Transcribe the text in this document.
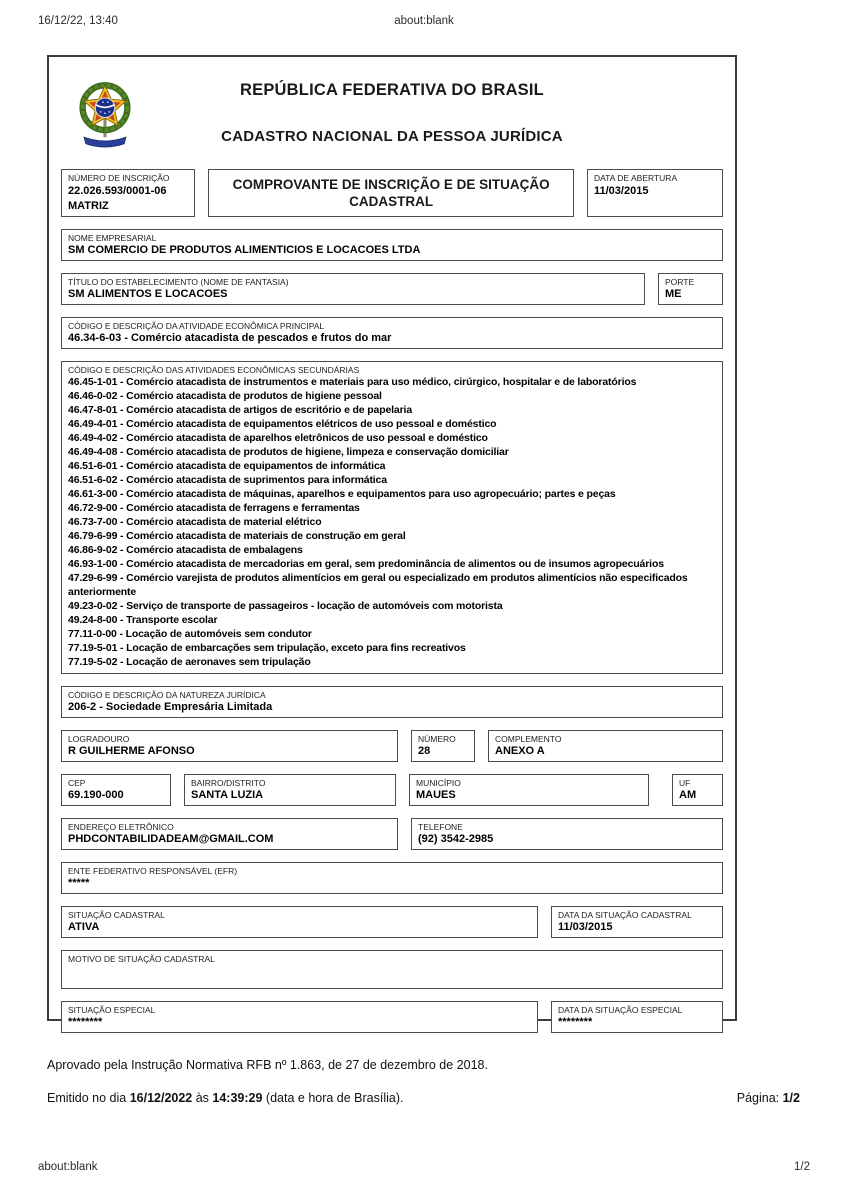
16/12/22, 13:40	about:blank
REPÚBLICA FEDERATIVA DO BRASIL
CADASTRO NACIONAL DA PESSOA JURÍDICA
NÚMERO DE INSCRIÇÃO
22.026.593/0001-06
MATRIZ
COMPROVANTE DE INSCRIÇÃO E DE SITUAÇÃO CADASTRAL
DATA DE ABERTURA
11/03/2015
NOME EMPRESARIAL
SM COMERCIO DE PRODUTOS ALIMENTICIOS E LOCACOES LTDA
TÍTULO DO ESTABELECIMENTO (NOME DE FANTASIA)
SM ALIMENTOS E LOCACOES
PORTE
ME
CÓDIGO E DESCRIÇÃO DA ATIVIDADE ECONÔMICA PRINCIPAL
46.34-6-03 - Comércio atacadista de pescados e frutos do mar
CÓDIGO E DESCRIÇÃO DAS ATIVIDADES ECONÔMICAS SECUNDÁRIAS
46.45-1-01 - Comércio atacadista de instrumentos e materiais para uso médico, cirúrgico, hospitalar e de laboratórios
46.46-0-02 - Comércio atacadista de produtos de higiene pessoal
46.47-8-01 - Comércio atacadista de artigos de escritório e de papelaria
46.49-4-01 - Comércio atacadista de equipamentos elétricos de uso pessoal e doméstico
46.49-4-02 - Comércio atacadista de aparelhos eletrônicos de uso pessoal e doméstico
46.49-4-08 - Comércio atacadista de produtos de higiene, limpeza e conservação domiciliar
46.51-6-01 - Comércio atacadista de equipamentos de informática
46.51-6-02 - Comércio atacadista de suprimentos para informática
46.61-3-00 - Comércio atacadista de máquinas, aparelhos e equipamentos para uso agropecuário; partes e peças
46.72-9-00 - Comércio atacadista de ferragens e ferramentas
46.73-7-00 - Comércio atacadista de material elétrico
46.79-6-99 - Comércio atacadista de materiais de construção em geral
46.86-9-02 - Comércio atacadista de embalagens
46.93-1-00 - Comércio atacadista de mercadorias em geral, sem predominância de alimentos ou de insumos agropecuários
47.29-6-99 - Comércio varejista de produtos alimentícios em geral ou especializado em produtos alimentícios não especificados anteriormente
49.23-0-02 - Serviço de transporte de passageiros - locação de automóveis com motorista
49.24-8-00 - Transporte escolar
77.11-0-00 - Locação de automóveis sem condutor
77.19-5-01 - Locação de embarcações sem tripulação, exceto para fins recreativos
77.19-5-02 - Locação de aeronaves sem tripulação
CÓDIGO E DESCRIÇÃO DA NATUREZA JURÍDICA
206-2 - Sociedade Empresária Limitada
LOGRADOURO
R GUILHERME AFONSO
NÚMERO
28
COMPLEMENTO
ANEXO A
CEP
69.190-000
BAIRRO/DISTRITO
SANTA LUZIA
MUNICÍPIO
MAUES
UF
AM
ENDEREÇO ELETRÔNICO
PHDCONTABILIDADEAM@GMAIL.COM
TELEFONE
(92) 3542-2985
ENTE FEDERATIVO RESPONSÁVEL (EFR)
*****
SITUAÇÃO CADASTRAL
ATIVA
DATA DA SITUAÇÃO CADASTRAL
11/03/2015
MOTIVO DE SITUAÇÃO CADASTRAL
SITUAÇÃO ESPECIAL
********
DATA DA SITUAÇÃO ESPECIAL
********
Aprovado pela Instrução Normativa RFB nº 1.863, de 27 de dezembro de 2018.
Emitido no dia 16/12/2022 às 14:39:29 (data e hora de Brasília).	Página: 1/2
about:blank	1/2
